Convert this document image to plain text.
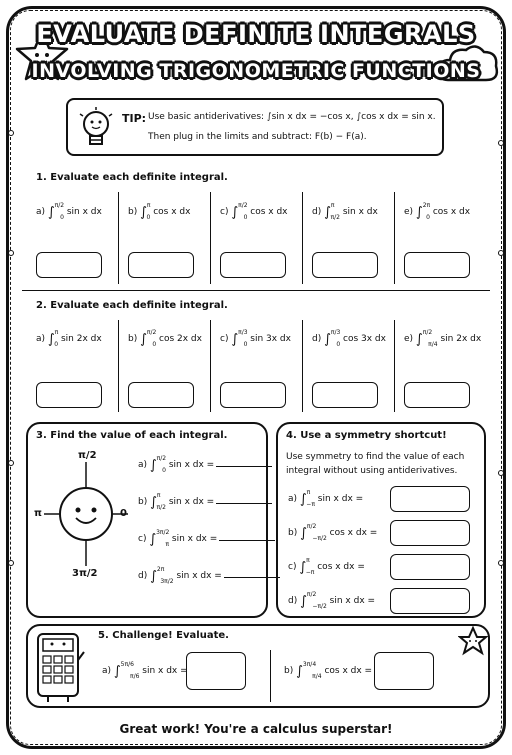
EVALUATE DEFINITE INTEGRALS
INVOLVING TRIGONOMETRIC FUNCTIONS
TIP: Use basic antiderivatives: ∫sin x dx = −cos x, ∫cos x dx = sin x.
Then plug in the limits and subtract: F(b) − F(a).
1. Evaluate each definite integral.
2. Evaluate each definite integral.
3. Find the value of each integral.
π/2
π	0
3π/2
4. Use a symmetry shortcut!
Use symmetry to find the value of each
integral without using antiderivatives.
5. Challenge! Evaluate.
Great work! You're a calculus superstar!
a) ∫$^{\pi/2}_0$ sin x dx	b) ∫$^\pi_0$ cos x dx	c) ∫$^{\pi/2}_0$ cos x dx	d) ∫$^\pi_{\pi/2}$ sin x dx	e) ∫$^{2\pi}_0$ cos x dx
a) ∫$^\pi_0$ sin 2x dx	b) ∫$^{\pi/2}_0$ cos 2x dx c) ∫$^{\pi/3}_0$ sin 3x dx d) ∫$^{\pi/3}_0$ cos 3x dx e) ∫$^{\pi/2}_{\pi/4}$ sin 2x dx
a) ∫$^{\pi/2}_0$ sin x dx =
b) ∫$^\pi_{\pi/2}$ sin x dx =
c) ∫$^{3\pi/2}_\pi$ sin x dx =
d) ∫$^{2\pi}_{3\pi/2}$ sin x dx =
a) ∫$^\pi_{-\pi}$ sin x dx =
b) ∫$^{\pi/2}_{-\pi/2}$ cos x dx =
c) ∫$^\pi_{-\pi}$ cos x dx =
d) ∫$^{\pi/2}_{-\pi/2}$ sin x dx =
a) ∫$^{5\pi/6}_{\pi/6}$ sin x dx =	b) ∫$^{3\pi/4}_{\pi/4}$ cos x dx =
